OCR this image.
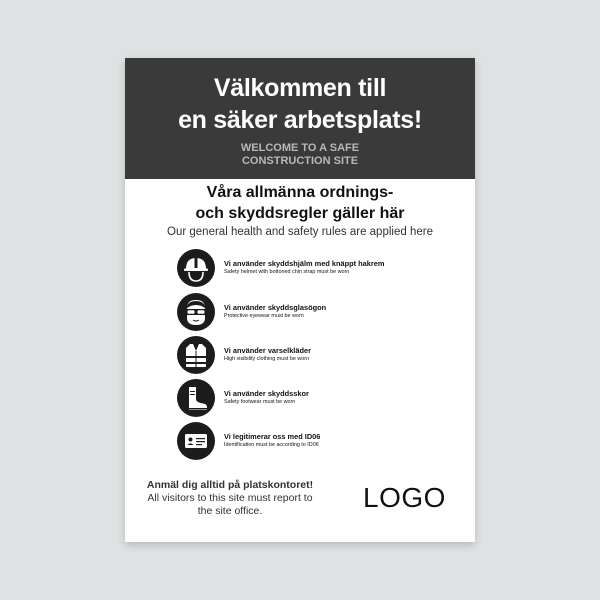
Välkommen till
en säker arbetsplats!
WELCOME TO A SAFE
CONSTRUCTION SITE
Våra allmänna ordnings-
och skyddsregler gäller här
Our general health and safety rules are applied here
Vi använder skyddshjälm med knäppt hakrem
Safety helmet with bottoned chin strap must be worn
Vi använder skyddsglasögon
Protective eyewear must be worn
Vi använder varselkläder
High visibility clothing must be worn
Vi använder skyddsskor
Safety footwear must be worn
Vi legitimerar oss med ID06
Identification must be according to ID06
Anmäl dig alltid på platskontoret!
All visitors to this site must report to
the site office.	LOGO
